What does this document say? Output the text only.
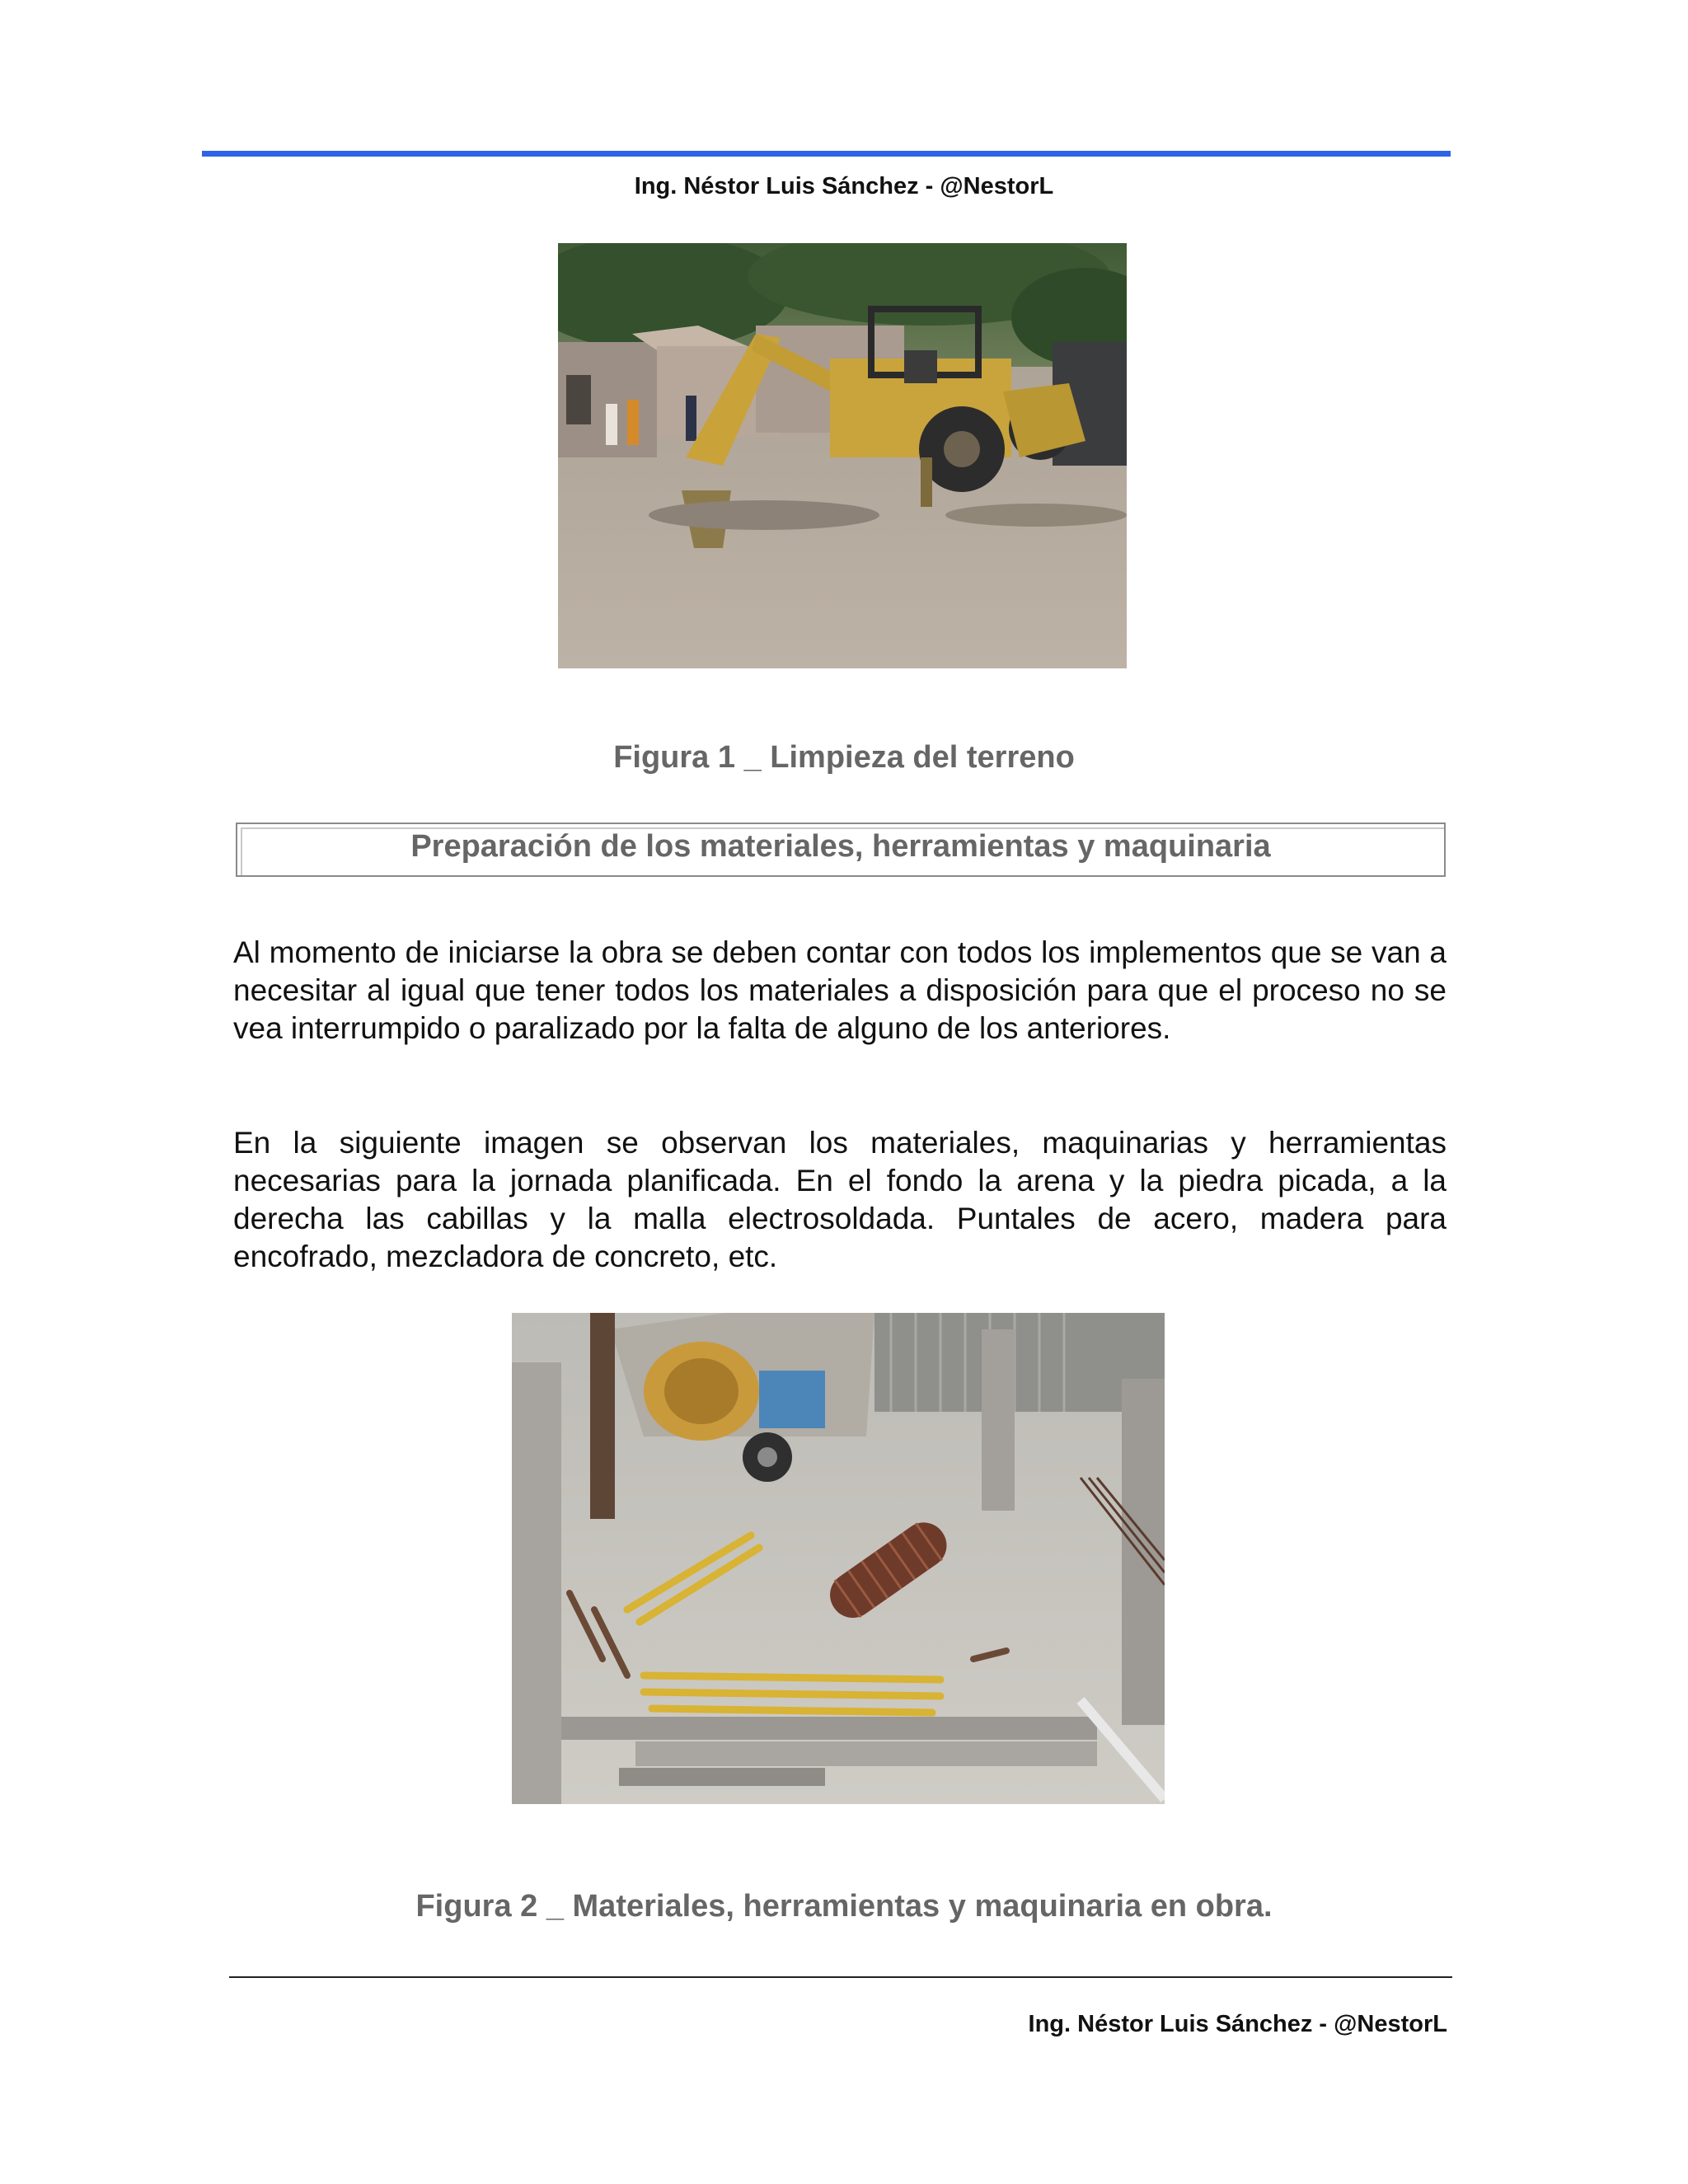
Ing. Néstor Luis Sánchez - @NestorL
Figura 1 _ Limpieza del terreno
Preparación de los materiales, herramientas y maquinaria

Al momento de iniciarse la obra se deben contar con todos los implementos que se van a necesitar al igual que tener todos los materiales a disposición para que el proceso no se vea interrumpido o paralizado por la falta de alguno de los anteriores.

En la siguiente imagen se observan los materiales, maquinarias y herramientas necesarias para la jornada planificada. En el fondo la arena y la piedra picada, a la derecha las cabillas y la malla electrosoldada. Puntales de acero, madera para encofrado, mezcladora de concreto, etc.

Figura 2 _ Materiales, herramientas y maquinaria en obra.
Ing. Néstor Luis Sánchez - @NestorL
